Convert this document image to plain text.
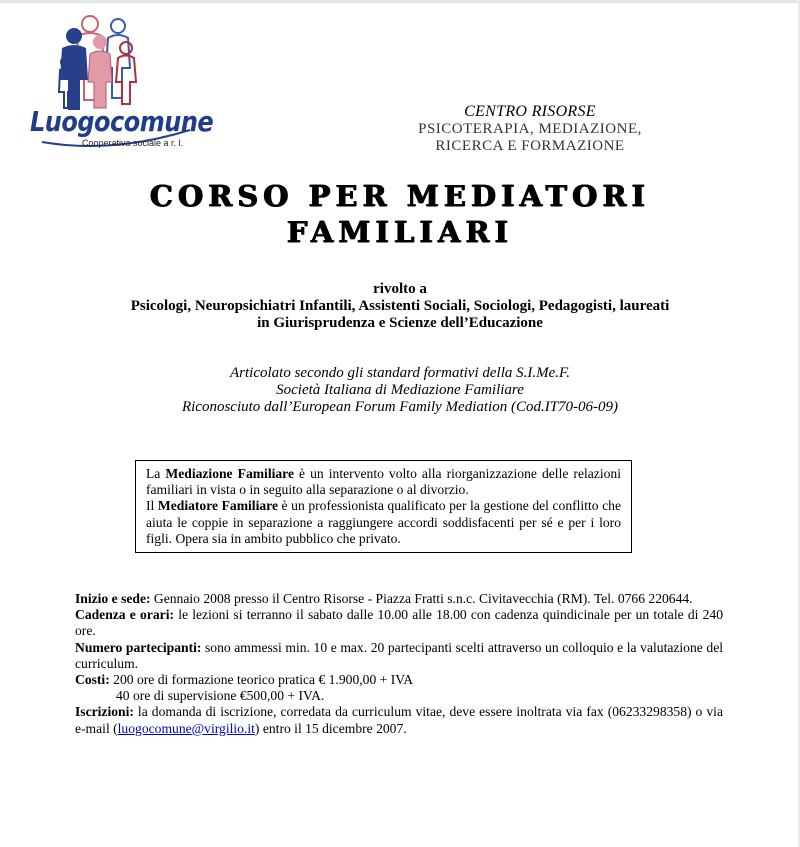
Luogocomune
Cooperativa sociale a r. l.
CENTRO RISORSE
PSICOTERAPIA, MEDIAZIONE,
RICERCA E FORMAZIONE
CORSO PER MEDIATORI
FAMILIARI
rivolto a
Psicologi, Neuropsichiatri Infantili, Assistenti Sociali, Sociologi, Pedagogisti, laureati
in Giurisprudenza e Scienze dell’Educazione
Articolato secondo gli standard formativi della S.I.Me.F.
Società Italiana di Mediazione Familiare
Riconosciuto dall’European Forum Family Mediation (Cod.IT70-06-09)

La Mediazione Familiare è un intervento volto alla riorganizzazione delle relazioni familiari in vista o in seguito alla separazione o al divorzio.

Il Mediatore Familiare è un professionista qualificato per la gestione del conflitto che aiuta le coppie in separazione a raggiungere accordi soddisfacenti per sé e per i loro figli. Opera sia in ambito pubblico che privato.

Inizio e sede: Gennaio 2008 presso il Centro Risorse - Piazza Fratti s.n.c. Civitavecchia (RM). Tel. 0766 220644.

Cadenza e orari: le lezioni si terranno il sabato dalle 10.00 alle 18.00 con cadenza quindicinale per un totale di 240 ore.

Numero partecipanti: sono ammessi min. 10 e max. 20 partecipanti scelti attraverso un colloquio e la valutazione del curriculum.

Costi: 200 ore di formazione teorico pratica € 1.900,00 + IVA

40 ore di supervisione €500,00 + IVA.

Iscrizioni: la domanda di iscrizione, corredata da curriculum vitae, deve essere inoltrata via fax (06233298358) o via e-mail (luogocomune@virgilio.it) entro il 15 dicembre 2007.
